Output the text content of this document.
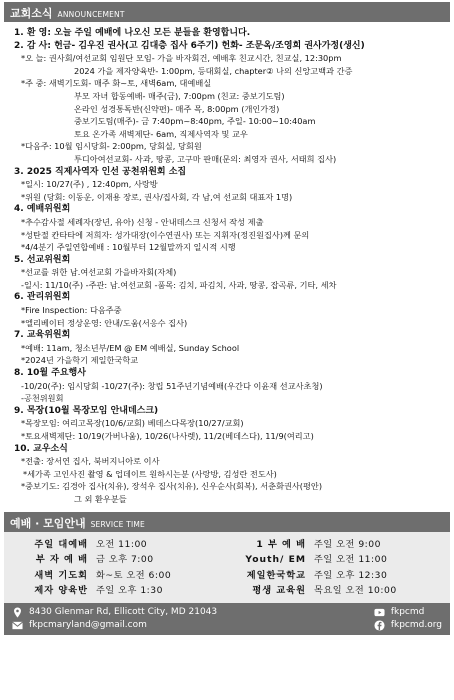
교회소식 ANNOUNCEMENT
1. 환 영: 오늘 주일 예배에 나오신 모든 분들을 환영합니다.
2. 감 사: 헌금- 김우진 권사(고 김대층 집사 6주기) 헌화- 조문옥/조영희 권사가정(생신)
*오 늘: 권사회/여선교회 임원단 모임- 가을 바자회건, 예배후 친교시간, 친교실, 12:30pm
2024 가을 제자양육반- 1:00pm, 등대회실, chapter② 나의 신앙고백과 간증
*주 중: 새벽기도회- 매주 화~토, 새벽6am, 대예배실
부모 자녀 합동예배- 매주(금), 7:00pm (친교: 중보기도팀)
온라인 성경통독반(신약편)- 매주 목, 8:00pm (개인가정)
중보기도팀(매주)- 금 7:40pm~8:40pm, 주일- 10:00~10:40am
토요 온가족 새벽제단- 6am, 직제사역자 및 교우
*다음주: 10월 임시당회- 2:00pm, 당회실, 당회원
투디아여선교회- 사과, 땅콩, 고구마 판매(문의: 최영자 권사, 서태희 집사)
3. 2025 직제사역자 인선 공천위원회 소집
*일시: 10/27(주) , 12:40pm, 사랑방
*위원 (당회: 이동운, 이재용 장로, 권사/집사회, 각 남,여 선교회 대표자 1명)
4. 예배위원회
*추수감사절 세례자(장년, 유아) 신청 - 안내데스크 신청서 작성 제출
*성탄절 칸타타에 저희자: 성가대장(이수연권사) 또는 지휘자(정진원집사)께 문의
*4/4분기 주일연합예배 : 10월부터 12월말까지 일시적 시행
5. 선교위원회
*선교를 위한 남.여선교회 가을바자회(자체)
-일시: 11/10(주) -주관: 남.여선교회 -품목: 김치, 파김치, 사과, 땅콩, 잡곡류, 기타, 세차
6. 관리위원회
*Fire Inspection: 다음주중
*엘리베이터 정상운영: 안내/도움(서응수 집사)
7. 교육위원회
*예배: 11am, 청소년부/EM @ EM 예배실, Sunday School
*2024년 가을학기 제일한국학교
8. 10월 주요행사
-10/20(주): 임시당회 -10/27(주): 창립 51주년기념예배(우간다 이윤재 선교사초청)
-공천위원회
9. 목장(10월 목장모임 안내데스크)
*목장모임: 여리고목장(10/6/교회) 베데스다목장(10/27/교회)
*토요새벽제단: 10/19(가버나움), 10/26(나사렛), 11/2(베데스다), 11/9(여리고)
10. 교우소식
*전출: 장서연 집사, 북버지니아로 이사
*세가족 고인사진 촬영 & 업데이트 원하시는분 (사랑방, 김성란 전도사)
*중보기도: 김경아 집사(치유), 장석우 집사(치유), 신우순사(회복), 서춘화권사(평안)
그 외 환우분들
예배 · 모임안내 SERVICE TIME
주일 대예배 오전 11:00
부 자 예 배 금 오후 7:00
새벽 기도회 화~토 오전 6:00
제자 양육반 주일 오후 1:30
1 부 예 배 주일 오전 9:00
Youth/ EM 주일 오전 11:00
제일한국학교 주일 오후 12:30
평생 교육원 목요일 오전 10:00
8430 Glenmar Rd, Ellicott City, MD 21043	fkpcmd
fkpcmaryland@gmail.com	fkpcmd.org
